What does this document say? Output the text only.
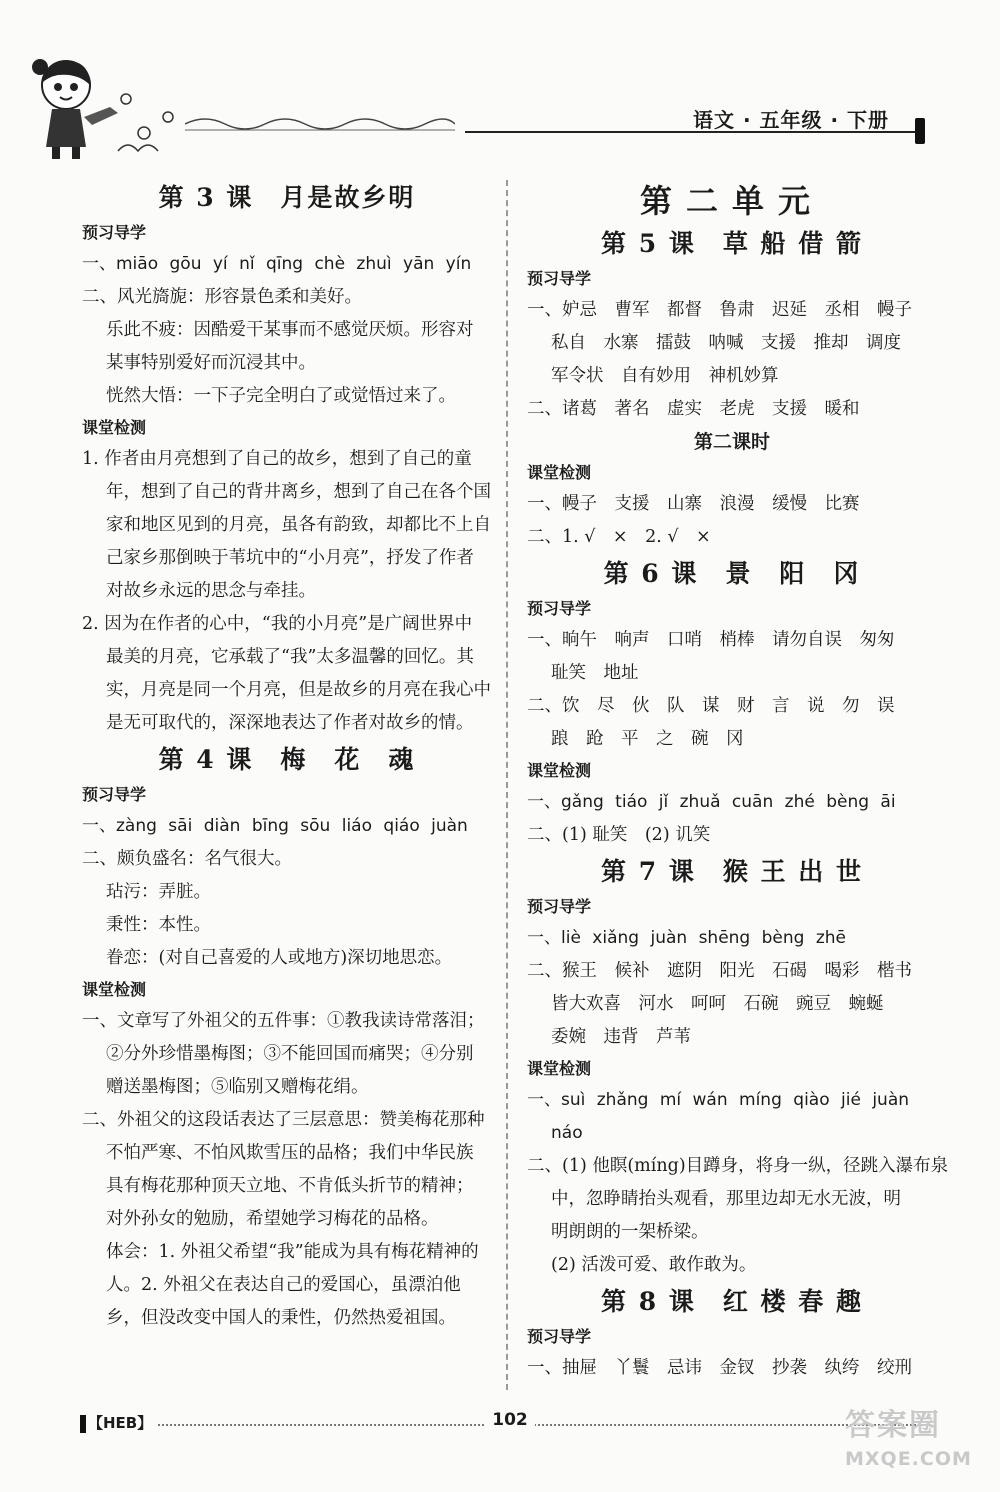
语文 · 五年级 · 下册
第 3 课　月是故乡明
预习导学
一、miāo gōu yí nǐ qīng chè zhuì yān yín
二、风光旖旎：形容景色柔和美好。
乐此不疲：因酷爱干某事而不感觉厌烦。形容对
某事特别爱好而沉浸其中。
恍然大悟：一下子完全明白了或觉悟过来了。
课堂检测
1. 作者由月亮想到了自己的故乡，想到了自己的童
年，想到了自己的背井离乡，想到了自己在各个国
家和地区见到的月亮，虽各有韵致，却都比不上自
己家乡那倒映于苇坑中的“小月亮”，抒发了作者
对故乡永远的思念与牵挂。
2. 因为在作者的心中，“我的小月亮”是广阔世界中
最美的月亮，它承载了“我”太多温馨的回忆。其
实，月亮是同一个月亮，但是故乡的月亮在我心中
是无可取代的，深深地表达了作者对故乡的情。
第 4 课　梅　花　魂
预习导学
一、zàng sāi diàn bīng sōu liáo qiáo juàn
二、颇负盛名：名气很大。
玷污：弄脏。
秉性：本性。
眷恋：(对自己喜爱的人或地方)深切地思恋。
课堂检测
一、文章写了外祖父的五件事：①教我读诗常落泪；
②分外珍惜墨梅图；③不能回国而痛哭；④分别
赠送墨梅图；⑤临别又赠梅花绢。
二、外祖父的这段话表达了三层意思：赞美梅花那种
不怕严寒、不怕风欺雪压的品格；我们中华民族
具有梅花那种顶天立地、不肯低头折节的精神；
对外孙女的勉励，希望她学习梅花的品格。
体会：1. 外祖父希望“我”能成为具有梅花精神的
人。2. 外祖父在表达自己的爱国心，虽漂泊他
乡，但没改变中国人的秉性，仍然热爱祖国。
第二单元
第 5 课　草 船 借 箭
预习导学
一、妒忌　曹军　都督　鲁肃　迟延　丞相　幔子
私自　水寨　擂鼓　呐喊　支援　推却　调度
军令状　自有妙用　神机妙算
二、诸葛　著名　虚实　老虎　支援　暖和
第二课时
课堂检测
一、幔子　支援　山寨　浪漫　缓慢　比赛
二、1. √　×　2. √　×
第 6 课　景　阳　冈
预习导学
一、晌午　响声　口哨　梢棒　请勿自误　匆匆
耻笑　地址
二、饮　尽　伙　队　谋　财　言　说　勿　误
踉　跄　平　之　碗　冈
课堂检测
一、gǎng tiáo jǐ zhuǎ cuān zhé bèng āi
二、(1) 耻笑　(2) 讥笑
第 7 课　猴 王 出 世
预习导学
一、liè xiǎng juàn shēng bèng zhē
二、猴王　候补　遮阴　阳光　石碣　喝彩　楷书
皆大欢喜　河水　呵呵　石碗　豌豆　蜿蜒
委婉　违背　芦苇
课堂检测
一、suì zhǎng mí wán míng qiào jié juàn
náo
二、(1) 他瞑(míng)目蹲身，将身一纵，径跳入瀑布泉
中，忽睁睛抬头观看，那里边却无水无波，明
明朗朗的一架桥梁。
(2) 活泼可爱、敢作敢为。
第 8 课　红 楼 春 趣
预习导学
一、抽屉　丫鬟　忌讳　金钗　抄袭　纨绔　绞刑
【HEB】	102	答案圈
MXQE.COM
